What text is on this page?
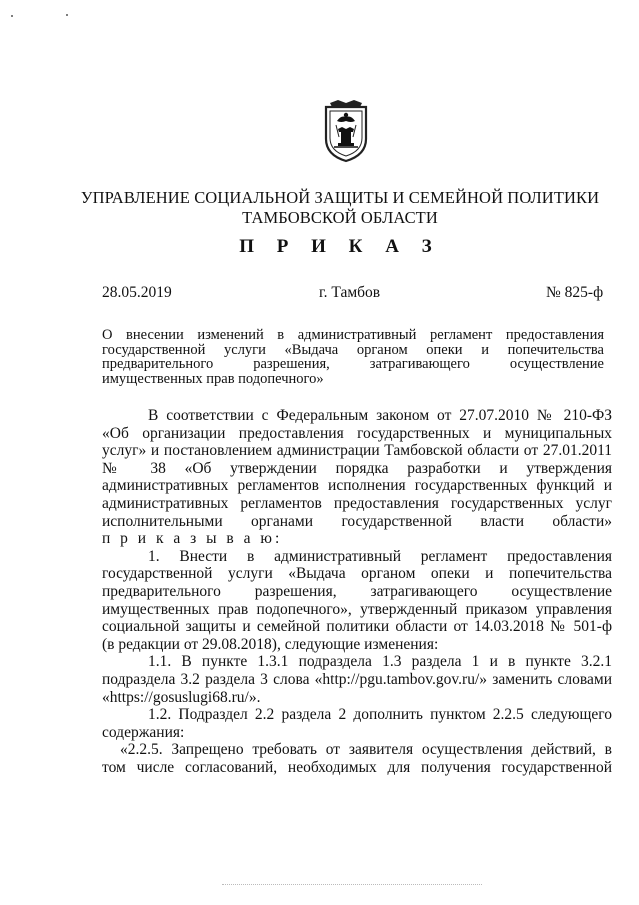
УПРАВЛЕНИЕ СОЦИАЛЬНОЙ ЗАЩИТЫ И СЕМЕЙНОЙ ПОЛИТИКИ
ТАМБОВСКОЙ ОБЛАСТИ
П Р И К А З
28.05.2019	г. Тамбов	№ 825-ф
О внесении изменений в административный регламент предоставления
государственной услуги «Выдача органом опеки и попечительства
предварительного разрешения, затрагивающего осуществление
имущественных прав подопечного»
В соответствии с Федеральным законом от 27.07.2010 № 210-ФЗ
«Об организации предоставления государственных и муниципальных
услуг» и постановлением администрации Тамбовской области от 27.01.2011
№ 38 «Об утверждении порядка разработки и утверждения
административных регламентов исполнения государственных функций и
административных регламентов предоставления государственных услуг
исполнительными органами государственной власти области»
п р и к а з ы в а ю:
1. Внести в административный регламент предоставления
государственной услуги «Выдача органом опеки и попечительства
предварительного разрешения, затрагивающего осуществление
имущественных прав подопечного», утвержденный приказом управления
социальной защиты и семейной политики области от 14.03.2018 № 501-ф
(в редакции от 29.08.2018), следующие изменения:
1.1. В пункте 1.3.1 подраздела 1.3 раздела 1 и в пункте 3.2.1
подраздела 3.2 раздела 3 слова «http://pgu.tambov.gov.ru/» заменить словами
«https://gosuslugi68.ru/».
1.2. Подраздел 2.2 раздела 2 дополнить пунктом 2.2.5 следующего
содержания:
«2.2.5. Запрещено требовать от заявителя осуществления действий, в
том числе согласований, необходимых для получения государственной
